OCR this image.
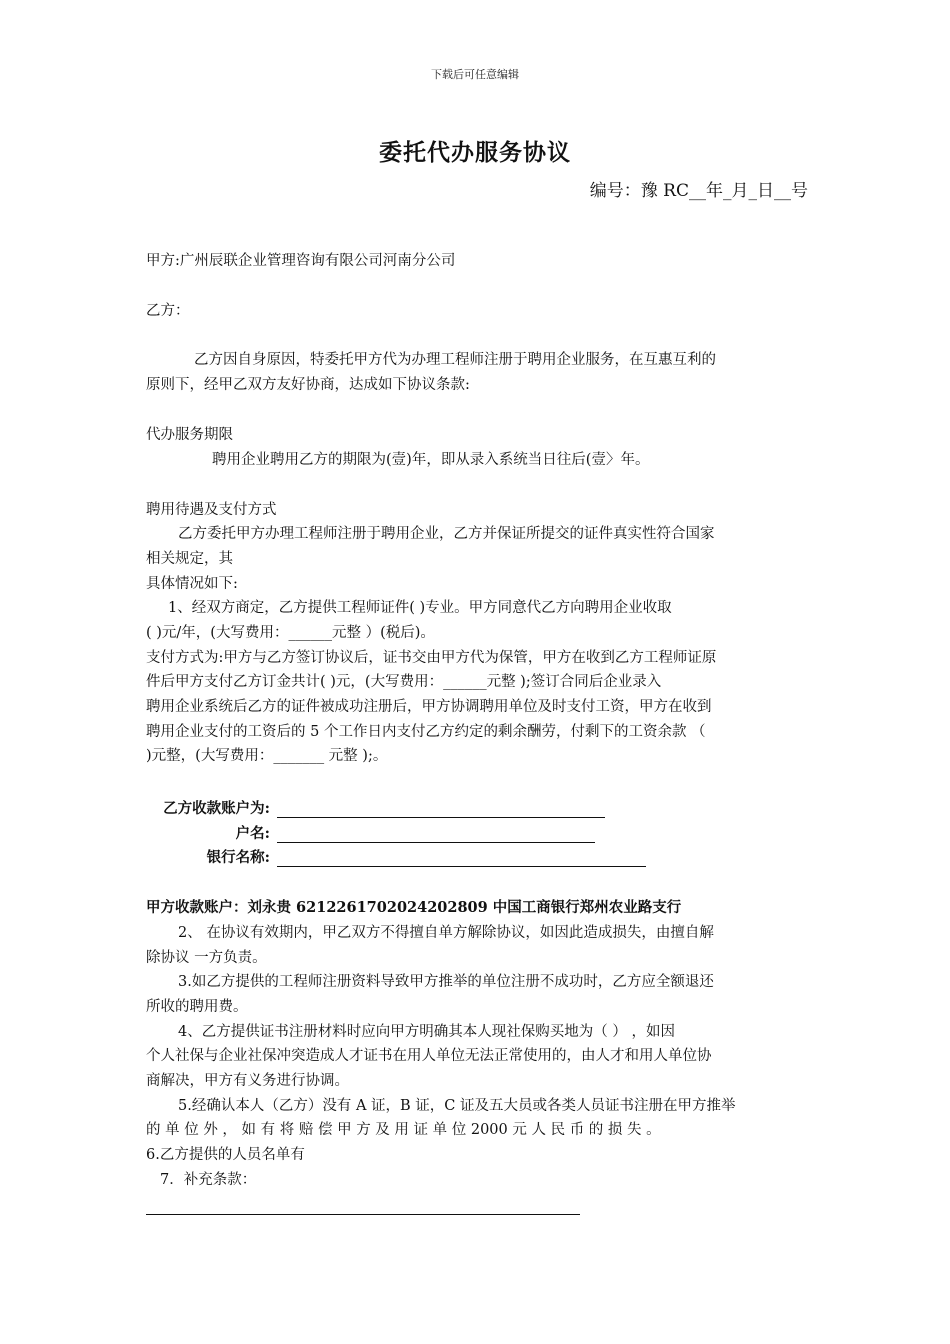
下载后可任意编辑
委托代办服务协议
编号：豫 RC__年_月_日__号
甲方:广州辰联企业管理咨询有限公司河南分公司
乙方：
乙方因自身原因，特委托甲方代为办理工程师注册于聘用企业服务，在互惠互利的
原则下，经甲乙双方友好协商，达成如下协议条款:
代办服务期限
聘用企业聘用乙方的期限为(壹)年，即从录入系统当日往后(壹〉年。
聘用待遇及支付方式
乙方委托甲方办理工程师注册于聘用企业，乙方并保证所提交的证件真实性符合国家
相关规定，其
具体情况如下:
1、经双方商定，乙方提供工程师证件( )专业。甲方同意代乙方向聘用企业收取
( )元/年，(大写费用：______元整 ）(税后)。
支付方式为:甲方与乙方签订协议后，证书交由甲方代为保管，甲方在收到乙方工程师证原
件后甲方支付乙方订金共计( )元，(大写费用：______元整 );签订合同后企业录入
聘用企业系统后乙方的证件被成功注册后，甲方协调聘用单位及时支付工资，甲方在收到
聘用企业支付的工资后的 5 个工作日内支付乙方约定的剩余酬劳，付剩下的工资余款 （
)元整，(大写费用：_______ 元整 );。
乙方收款账户为:
户名:
银行名称:
甲方收款账户：刘永贵 6212261702024202809 中国工商银行郑州农业路支行
2、 在协议有效期内，甲乙双方不得擅自单方解除协议，如因此造成损失，由擅自解
除协议 一方负责。
3.如乙方提供的工程师注册资料导致甲方推举的单位注册不成功时，乙方应全额退还
所收的聘用费。
4、乙方提供证书注册材料时应向甲方明确其本人现社保购买地为（ ） ，如因
个人社保与企业社保冲突造成人才证书在用人单位无法正常使用的，由人才和用人单位协
商解决，甲方有义务进行协调。
5.经确认本人（乙方）没有 A 证，B 证，C 证及五大员或各类人员证书注册在甲方推举
的 单 位 外 ， 如 有 将 赔 偿 甲 方 及 用 证 单 位 2000 元 人 民 币 的 损 失 。
6.乙方提供的人员名单有
7．补充条款：
